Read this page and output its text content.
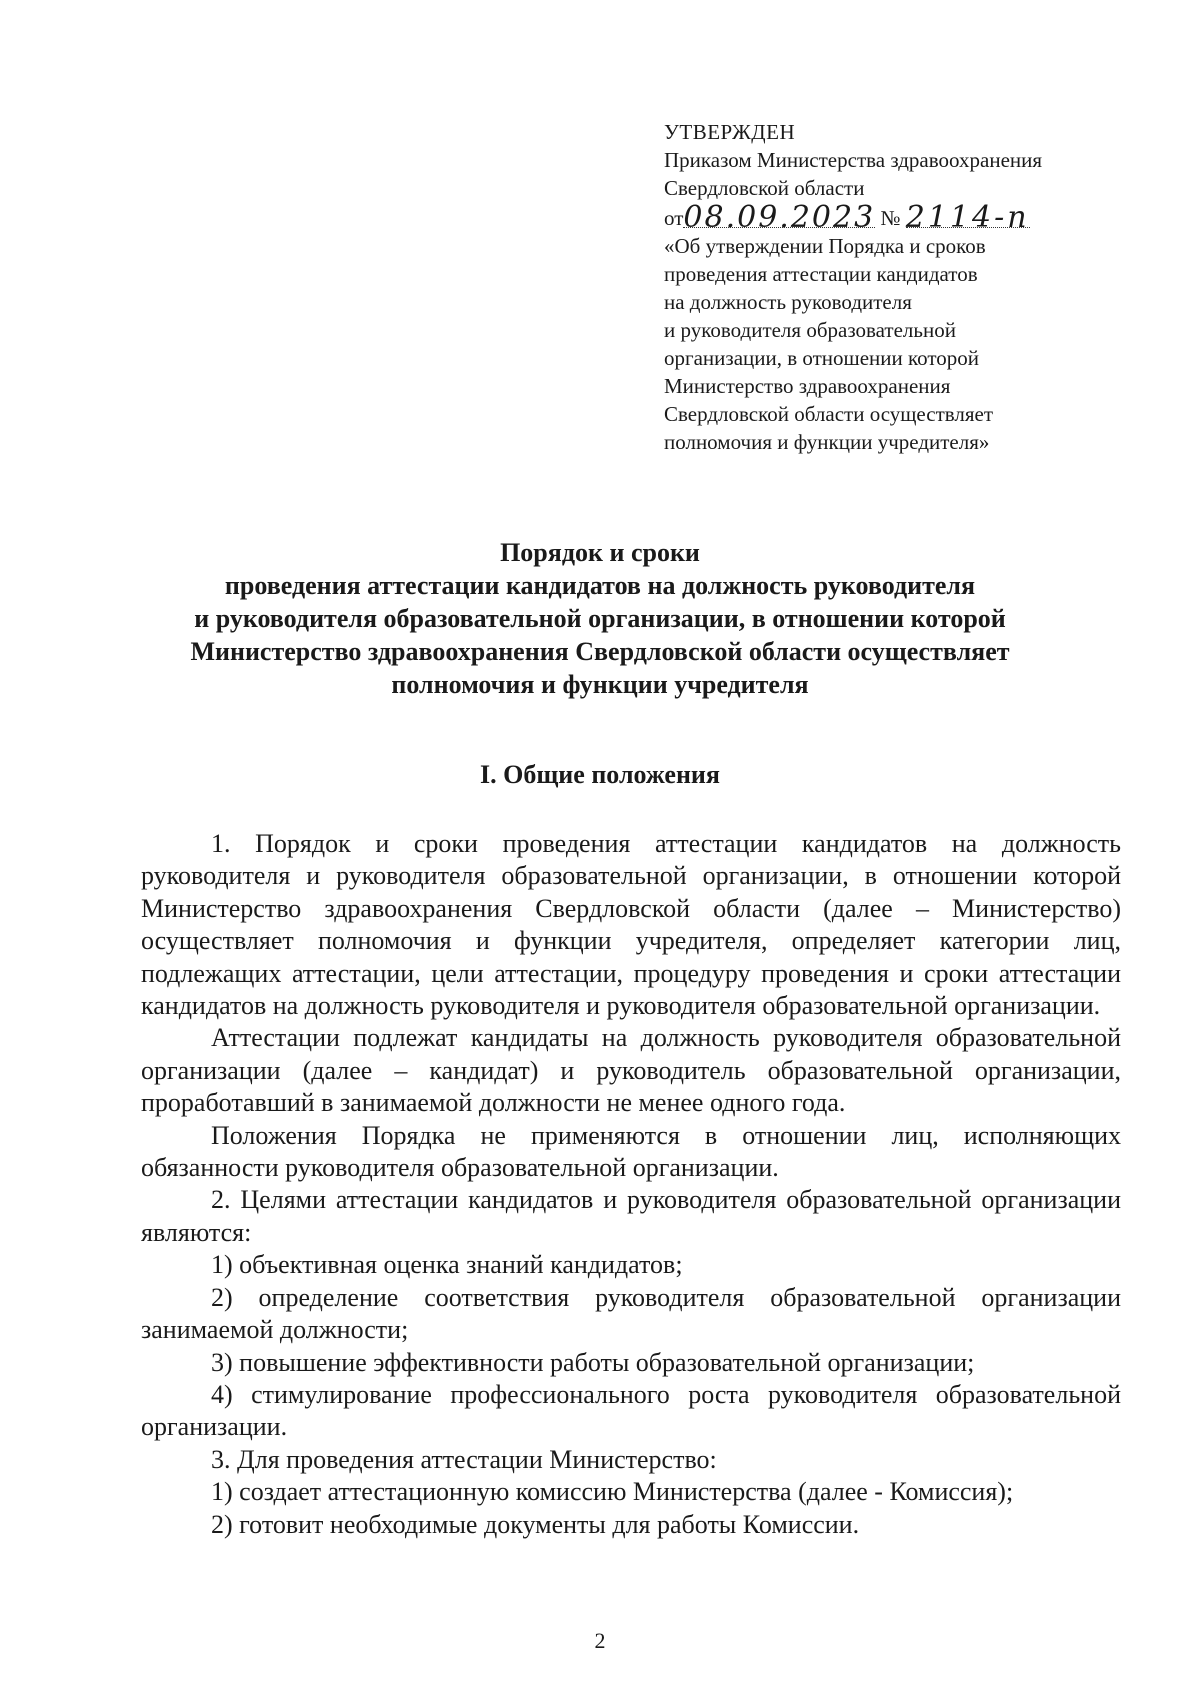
УТВЕРЖДЕН
Приказом Министерства здравоохранения
Свердловской области
от08.09.2023 № 2114-п
«Об утверждении Порядка и сроков
проведения аттестации кандидатов
на должность руководителя
и руководителя образовательной
организации, в отношении которой
Министерство здравоохранения
Свердловской области осуществляет
полномочия и функции учредителя»
Порядок и сроки
проведения аттестации кандидатов на должность руководителя
и руководителя образовательной организации, в отношении которой
Министерство здравоохранения Свердловской области осуществляет
полномочия и функции учредителя
I. Общие положения

1. Порядок и сроки проведения аттестации кандидатов на должность руководителя и руководителя образовательной организации, в отношении которой Министерство здравоохранения Свердловской области (далее – Министерство) осуществляет полномочия и функции учредителя, определяет категории лиц, подлежащих аттестации, цели аттестации, процедуру проведения и сроки аттестации кандидатов на должность руководителя и руководителя образовательной организации.

Аттестации подлежат кандидаты на должность руководителя образовательной организации (далее – кандидат) и руководитель образовательной организации, проработавший в занимаемой должности не менее одного года.

Положения Порядка не применяются в отношении лиц, исполняющих обязанности руководителя образовательной организации.

2. Целями аттестации кандидатов и руководителя образовательной организации являются:

1) объективная оценка знаний кандидатов;

2) определение соответствия руководителя образовательной организации занимаемой должности;

3) повышение эффективности работы образовательной организации;

4) стимулирование профессионального роста руководителя образовательной организации.

3. Для проведения аттестации Министерство:

1) создает аттестационную комиссию Министерства (далее - Комиссия);

2) готовит необходимые документы для работы Комиссии.

2
